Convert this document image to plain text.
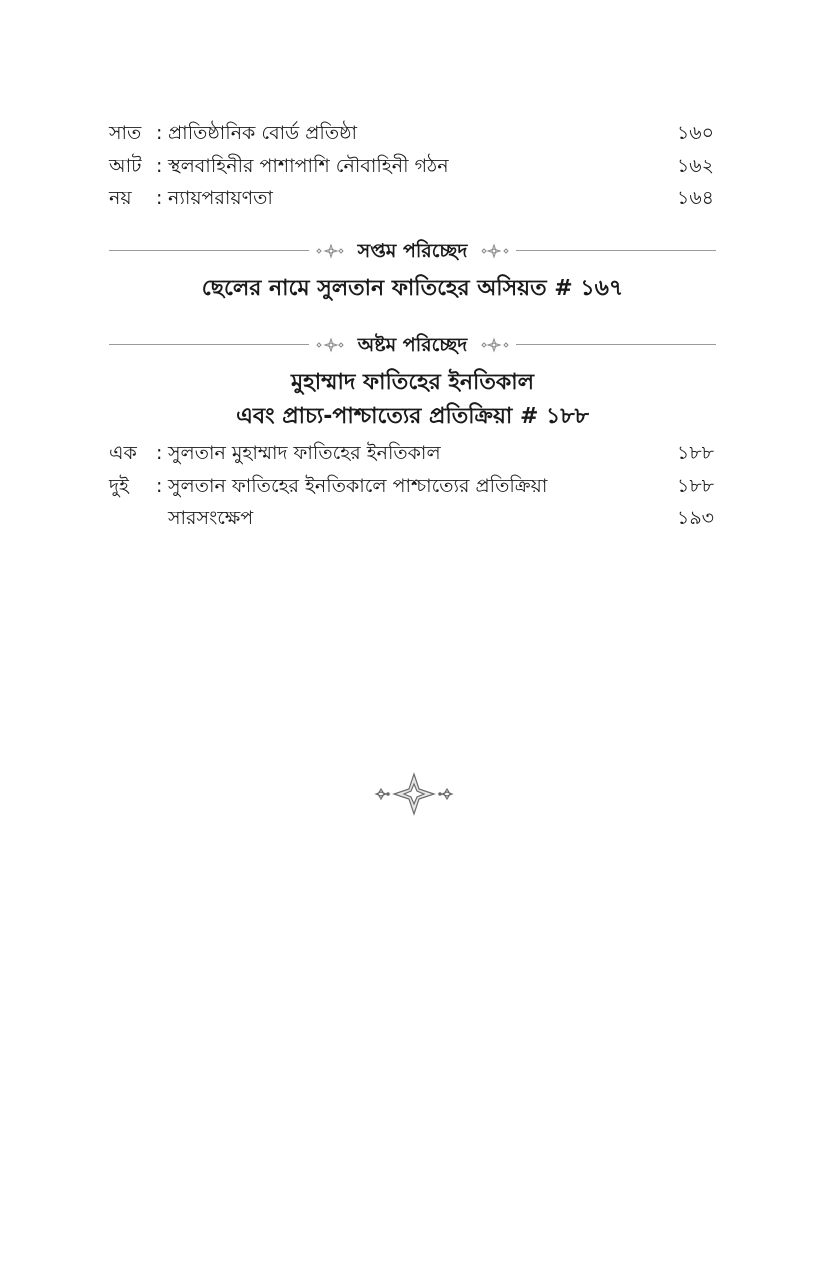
সাত : প্রাতিষ্ঠানিক বোর্ড প্রতিষ্ঠা	১৬০
আট : স্থলবাহিনীর পাশাপাশি নৌবাহিনী গঠন	১৬২
নয় : ন্যায়পরায়ণতা	১৬৪
সপ্তম পরিচ্ছেদ
ছেলের নামে সুলতান ফাতিহের অসিয়ত # ১৬৭
অষ্টম পরিচ্ছেদ
মুহাম্মাদ ফাতিহের ইনতিকাল
এবং প্রাচ্য-পাশ্চাত্যের প্রতিক্রিয়া # ১৮৮
এক : সুলতান মুহাম্মাদ ফাতিহের ইনতিকাল	১৮৮
দুই : সুলতান ফাতিহের ইনতিকালে পাশ্চাত্যের প্রতিক্রিয়া	১৮৮
সারসংক্ষেপ	১৯৩
